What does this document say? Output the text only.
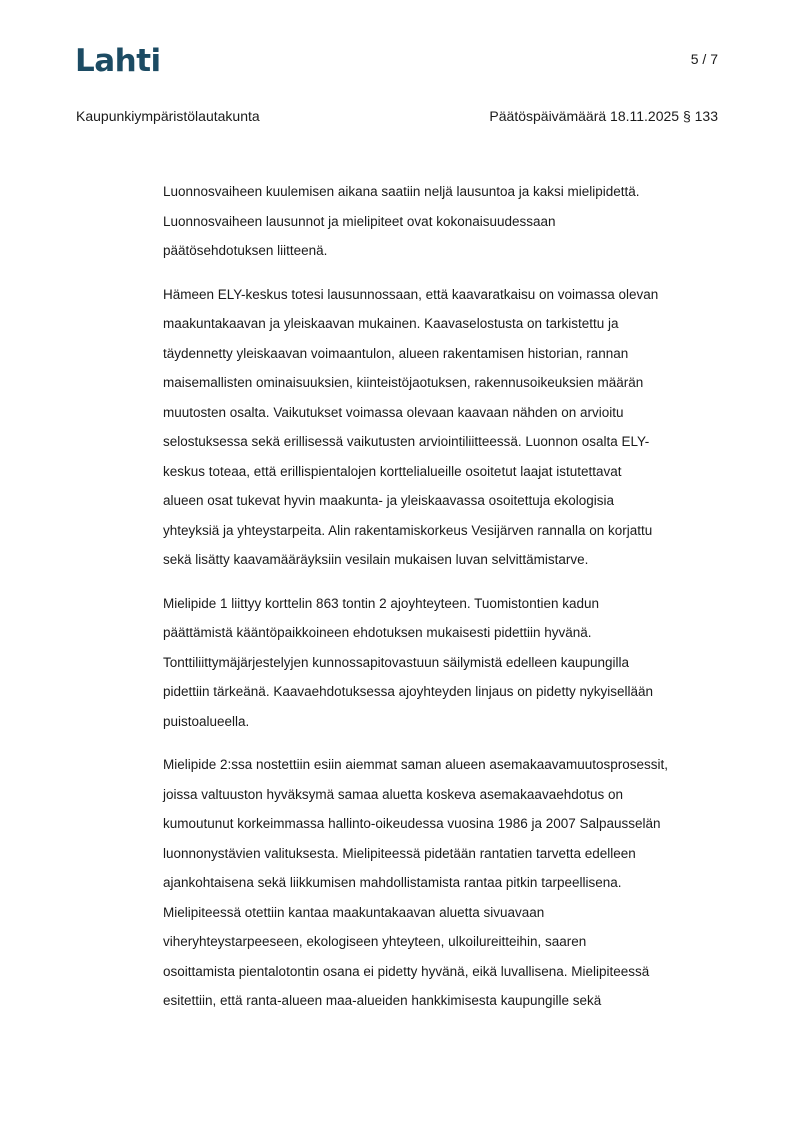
Lahti	5 / 7
Kaupunkiympäristölautakunta	Päätöspäivämäärä 18.11.2025 § 133

Luonnosvaiheen kuulemisen aikana saatiin neljä lausuntoa ja kaksi mielipidettä.
Luonnosvaiheen lausunnot ja mielipiteet ovat kokonaisuudessaan
päätösehdotuksen liitteenä.

Hämeen ELY-keskus totesi lausunnossaan, että kaavaratkaisu on voimassa olevan
maakuntakaavan ja yleiskaavan mukainen. Kaavaselostusta on tarkistettu ja
täydennetty yleiskaavan voimaantulon, alueen rakentamisen historian, rannan
maisemallisten ominaisuuksien, kiinteistöjaotuksen, rakennusoikeuksien määrän
muutosten osalta. Vaikutukset voimassa olevaan kaavaan nähden on arvioitu
selostuksessa sekä erillisessä vaikutusten arviointiliitteessä. Luonnon osalta ELY-
keskus toteaa, että erillispientalojen korttelialueille osoitetut laajat istutettavat
alueen osat tukevat hyvin maakunta- ja yleiskaavassa osoitettuja ekologisia
yhteyksiä ja yhteystarpeita. Alin rakentamiskorkeus Vesijärven rannalla on korjattu
sekä lisätty kaavamääräyksiin vesilain mukaisen luvan selvittämistarve.

Mielipide 1 liittyy korttelin 863 tontin 2 ajoyhteyteen. Tuomistontien kadun
päättämistä kääntöpaikkoineen ehdotuksen mukaisesti pidettiin hyvänä.
Tonttiliittymäjärjestelyjen kunnossapitovastuun säilymistä edelleen kaupungilla
pidettiin tärkeänä. Kaavaehdotuksessa ajoyhteyden linjaus on pidetty nykyisellään
puistoalueella.

Mielipide 2:ssa nostettiin esiin aiemmat saman alueen asemakaavamuutosprosessit,
joissa valtuuston hyväksymä samaa aluetta koskeva asemakaavaehdotus on
kumoutunut korkeimmassa hallinto-oikeudessa vuosina 1986 ja 2007 Salpausselän
luonnonystävien valituksesta. Mielipiteessä pidetään rantatien tarvetta edelleen
ajankohtaisena sekä liikkumisen mahdollistamista rantaa pitkin tarpeellisena.
Mielipiteessä otettiin kantaa maakuntakaavan aluetta sivuavaan
viheryhteystarpeeseen, ekologiseen yhteyteen, ulkoilureitteihin, saaren
osoittamista pientalotontin osana ei pidetty hyvänä, eikä luvallisena. Mielipiteessä
esitettiin, että ranta-alueen maa-alueiden hankkimisesta kaupungille sekä
